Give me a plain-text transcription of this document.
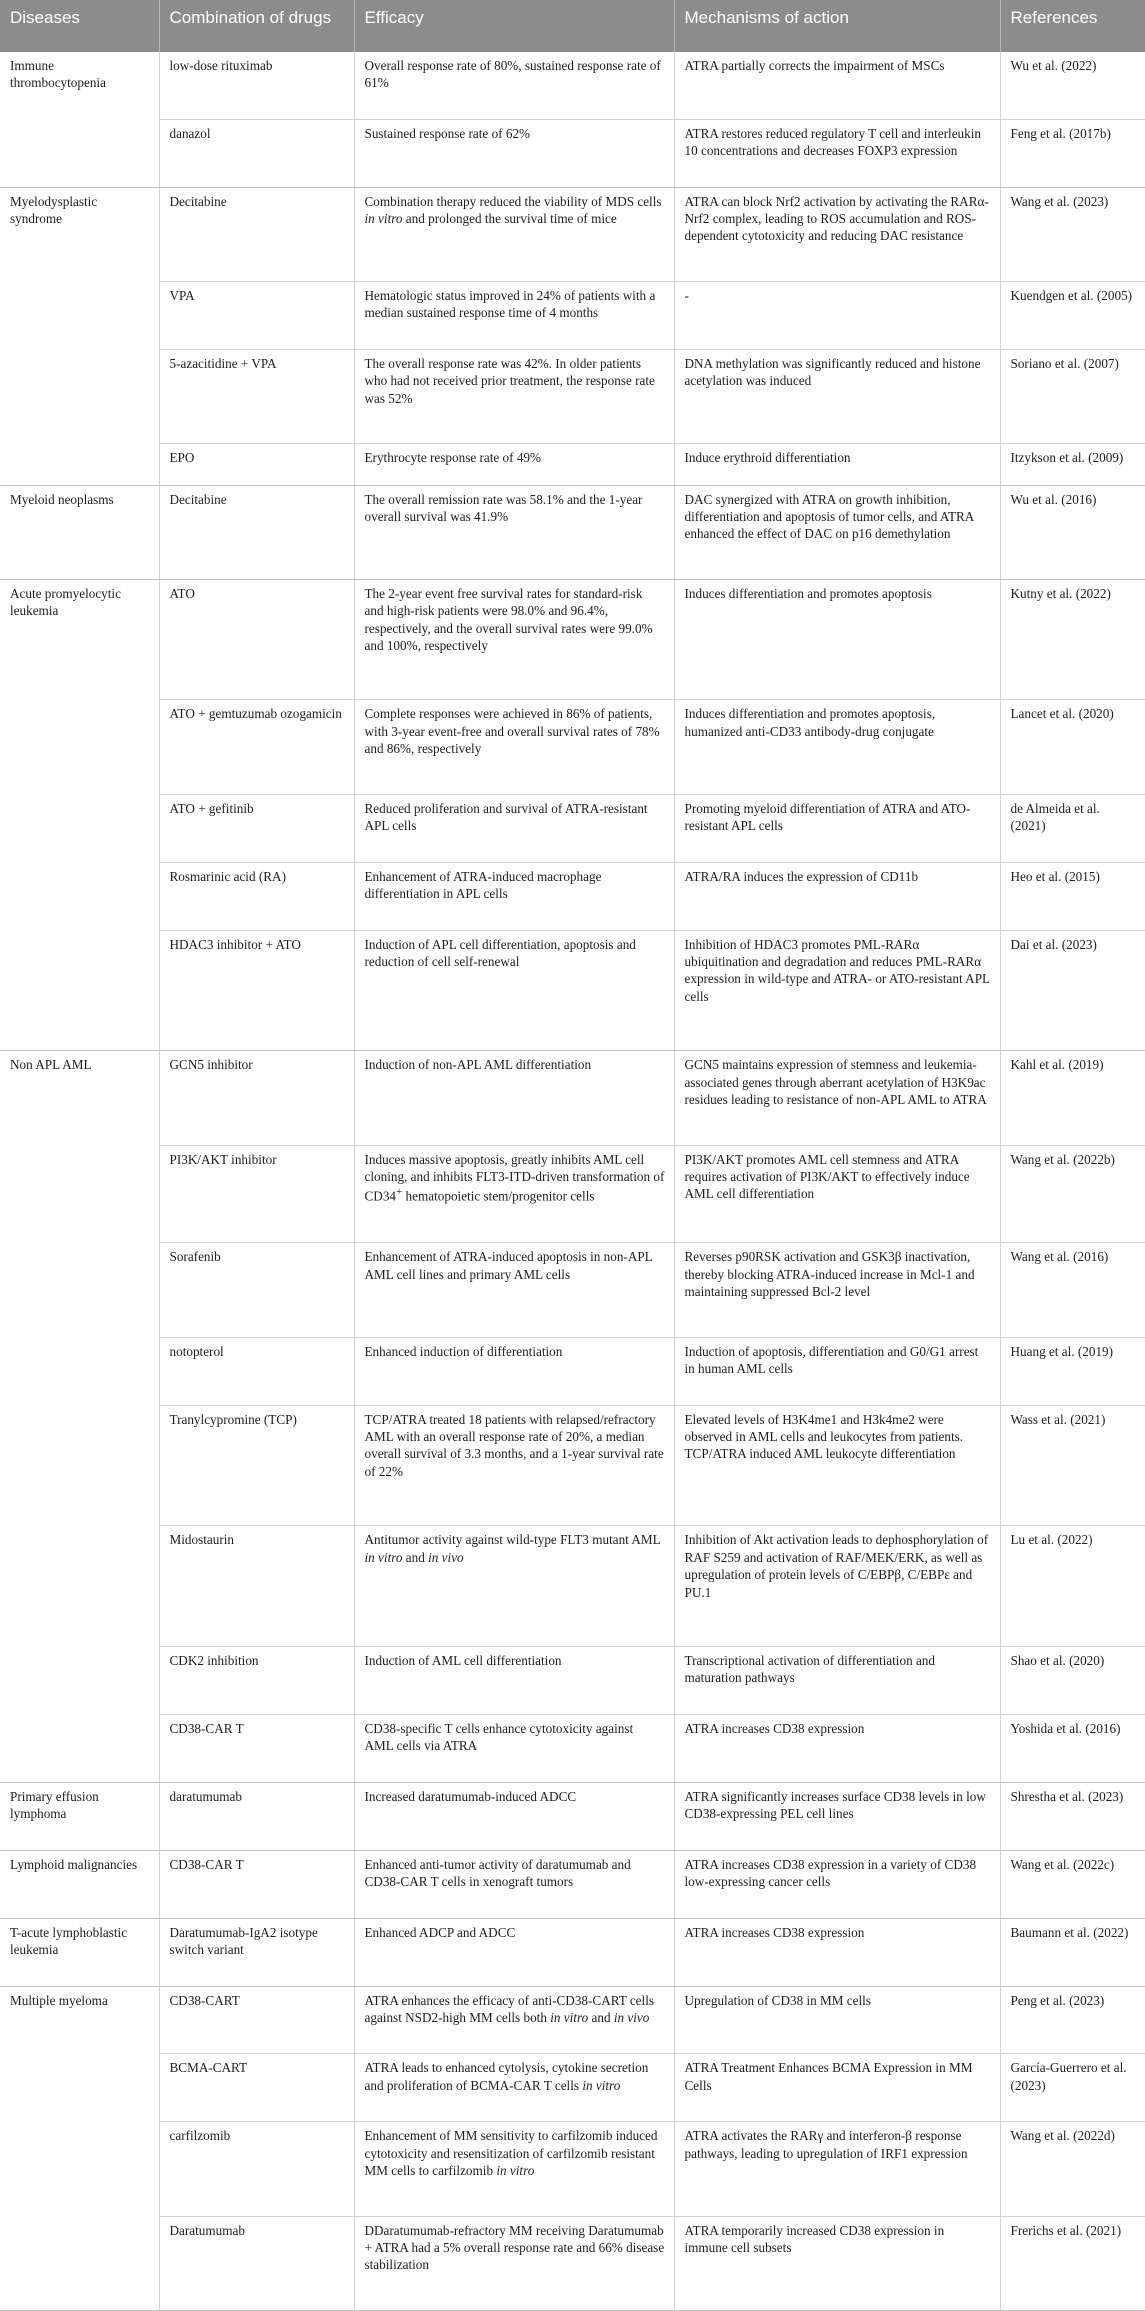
Diseases	Combination of drugs	Efficacy	Mechanisms of action	References
Immune thrombocytopenia	low-dose rituximab	Overall response rate of 80%, sustained response rate of 61%	ATRA partially corrects the impairment of MSCs	Wu et al. (2022)
	danazol	Sustained response rate of 62%	ATRA restores reduced regulatory T cell and interleukin 10 concentrations and decreases FOXP3 expression	Feng et al. (2017b)
Myelodysplastic syndrome	Decitabine	Combination therapy reduced the viability of MDS cells in vitro and prolonged the survival time of mice	ATRA can block Nrf2 activation by activating the RARα-Nrf2 complex, leading to ROS accumulation and ROS-dependent cytotoxicity and reducing DAC resistance	Wang et al. (2023)
	VPA	Hematologic status improved in 24% of patients with a median sustained response time of 4 months	-	Kuendgen et al. (2005)
	5-azacitidine + VPA	The overall response rate was 42%. In older patients who had not received prior treatment, the response rate was 52%	DNA methylation was significantly reduced and histone acetylation was induced	Soriano et al. (2007)
	EPO	Erythrocyte response rate of 49%	Induce erythroid differentiation	Itzykson et al. (2009)
Myeloid neoplasms	Decitabine	The overall remission rate was 58.1% and the 1-year overall survival was 41.9%	DAC synergized with ATRA on growth inhibition, differentiation and apoptosis of tumor cells, and ATRA enhanced the effect of DAC on p16 demethylation	Wu et al. (2016)
Acute promyelocytic leukemia	ATO	The 2-year event free survival rates for standard-risk and high-risk patients were 98.0% and 96.4%, respectively, and the overall survival rates were 99.0% and 100%, respectively	Induces differentiation and promotes apoptosis	Kutny et al. (2022)
	ATO + gemtuzumab ozogamicin	Complete responses were achieved in 86% of patients, with 3-year event-free and overall survival rates of 78% and 86%, respectively	Induces differentiation and promotes apoptosis, humanized anti-CD33 antibody-drug conjugate	Lancet et al. (2020)
	ATO + gefitinib	Reduced proliferation and survival of ATRA-resistant APL cells	Promoting myeloid differentiation of ATRA and ATO-resistant APL cells	de Almeida et al. (2021)
	Rosmarinic acid (RA)	Enhancement of ATRA-induced macrophage differentiation in APL cells	ATRA/RA induces the expression of CD11b	Heo et al. (2015)
	HDAC3 inhibitor + ATO	Induction of APL cell differentiation, apoptosis and reduction of cell self-renewal	Inhibition of HDAC3 promotes PML-RARα ubiquitination and degradation and reduces PML-RARα expression in wild-type and ATRA- or ATO-resistant APL cells	Dai et al. (2023)
Non APL AML	GCN5 inhibitor	Induction of non-APL AML differentiation	GCN5 maintains expression of stemness and leukemia-associated genes through aberrant acetylation of H3K9ac residues leading to resistance of non-APL AML to ATRA	Kahl et al. (2019)
	PI3K/AKT inhibitor	Induces massive apoptosis, greatly inhibits AML cell cloning, and inhibits FLT3-ITD-driven transformation of CD34+ hematopoietic stem/progenitor cells	PI3K/AKT promotes AML cell stemness and ATRA requires activation of PI3K/AKT to effectively induce AML cell differentiation	Wang et al. (2022b)
	Sorafenib	Enhancement of ATRA-induced apoptosis in non-APL AML cell lines and primary AML cells	Reverses p90RSK activation and GSK3β inactivation, thereby blocking ATRA-induced increase in Mcl-1 and maintaining suppressed Bcl-2 level	Wang et al. (2016)
	notopterol	Enhanced induction of differentiation	Induction of apoptosis, differentiation and G0/G1 arrest in human AML cells	Huang et al. (2019)
	Tranylcypromine (TCP)	TCP/ATRA treated 18 patients with relapsed/refractory AML with an overall response rate of 20%, a median overall survival of 3.3 months, and a 1-year survival rate of 22%	Elevated levels of H3K4me1 and H3k4me2 were observed in AML cells and leukocytes from patients. TCP/ATRA induced AML leukocyte differentiation	Wass et al. (2021)
	Midostaurin	Antitumor activity against wild-type FLT3 mutant AML in vitro and in vivo	Inhibition of Akt activation leads to dephosphorylation of RAF S259 and activation of RAF/MEK/ERK, as well as upregulation of protein levels of C/EBPβ, C/EBPε and PU.1	Lu et al. (2022)
	CDK2 inhibition	Induction of AML cell differentiation	Transcriptional activation of differentiation and maturation pathways	Shao et al. (2020)
	CD38-CAR T	CD38-specific T cells enhance cytotoxicity against AML cells via ATRA	ATRA increases CD38 expression	Yoshida et al. (2016)
Primary effusion lymphoma	daratumumab	Increased daratumumab-induced ADCC	ATRA significantly increases surface CD38 levels in low CD38-expressing PEL cell lines	Shrestha et al. (2023)
Lymphoid malignancies	CD38-CAR T	Enhanced anti-tumor activity of daratumumab and CD38-CAR T cells in xenograft tumors	ATRA increases CD38 expression in a variety of CD38 low-expressing cancer cells	Wang et al. (2022c)
T-acute lymphoblastic leukemia	Daratumumab-IgA2 isotype switch variant	Enhanced ADCP and ADCC	ATRA increases CD38 expression	Baumann et al. (2022)
Multiple myeloma	CD38-CART	ATRA enhances the efficacy of anti-CD38-CART cells against NSD2-high MM cells both in vitro and in vivo	Upregulation of CD38 in MM cells	Peng et al. (2023)
	BCMA-CART	ATRA leads to enhanced cytolysis, cytokine secretion and proliferation of BCMA-CAR T cells in vitro	ATRA Treatment Enhances BCMA Expression in MM Cells	García-Guerrero et al. (2023)
	carfilzomib	Enhancement of MM sensitivity to carfilzomib induced cytotoxicity and resensitization of carfilzomib resistant MM cells to carfilzomib in vitro	ATRA activates the RARγ and interferon-β response pathways, leading to upregulation of IRF1 expression	Wang et al. (2022d)
	Daratumumab	DDaratumumab-refractory MM receiving Daratumumab + ATRA had a 5% overall response rate and 66% disease stabilization	ATRA temporarily increased CD38 expression in immune cell subsets	Frerichs et al. (2021)
